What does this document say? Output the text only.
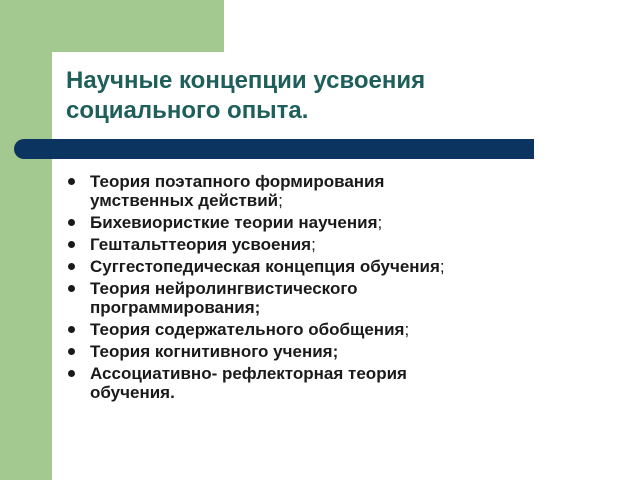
Научные концепции усвоения
социального опыта.
Теория поэтапного формирования
умственных действий;
Бихевиористкие теории научения;
Гештальттеория усвоения;
Суггестопедическая концепция обучения;
Теория нейролингвистического
программирования;
Теория содержательного обобщения;
Теория когнитивного учения;
Ассоциативно- рефлекторная теория
обучения.
